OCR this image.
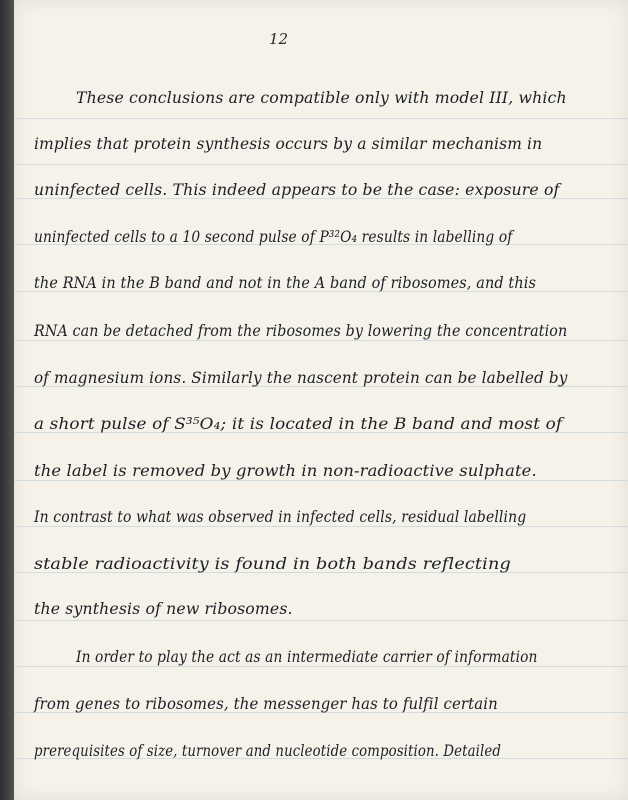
12
These conclusions are compatible only with model III, which
implies that protein synthesis occurs by a similar mechanism in
uninfected cells. This indeed appears to be the case: exposure of
uninfected cells to a 10 second pulse of P³²O₄ results in labelling of
the RNA in the B band and not in the A band of ribosomes, and this
RNA can be detached from the ribosomes by lowering the concentration
of magnesium ions. Similarly the nascent protein can be labelled by
a short pulse of S³⁵O₄; it is located in the B band and most of
the label is removed by growth in non-radioactive sulphate.
In contrast to what was observed in infected cells, residual labelling
stable radioactivity is found in both bands reflecting
the synthesis of new ribosomes.
In order to play the act as an intermediate carrier of information
from genes to ribosomes, the messenger has to fulfil certain
prerequisites of size, turnover and nucleotide composition. Detailed
